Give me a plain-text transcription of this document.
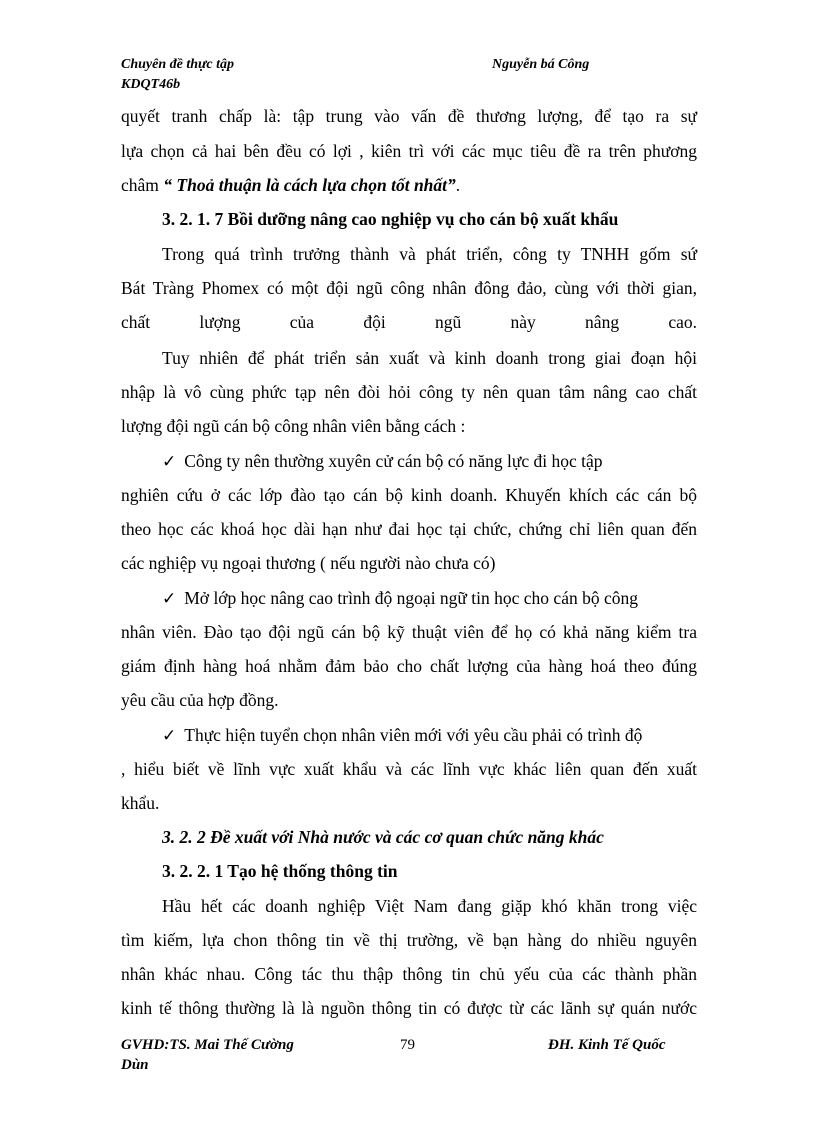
Chuyên đề thực tập
KDQT46b
Nguyễn bá Công
quyết tranh chấp là: tập trung vào vấn đề thương lượng, để tạo ra sự
lựa chọn cả hai bên đều có lợi , kiên trì với các mục tiêu đề ra trên phương
châm “ Thoả thuận là cách lựa chọn tốt nhất”.
3. 2. 1. 7 Bồi dưỡng nâng cao nghiệp vụ cho cán bộ xuất khẩu
Trong quá trình trưởng thành và phát triển, công ty TNHH gốm sứ
Bát Tràng Phomex có một đội ngũ công nhân đông đảo, cùng với thời gian,
chất lượng của đội ngũ này nâng cao.
Tuy nhiên để phát triển sản xuất và kinh doanh trong giai đoạn hội
nhập là vô cùng phức tạp nên đòi hỏi công ty nên quan tâm nâng cao chất
lượng đội ngũ cán bộ công nhân viên bằng cách :
✓ Công ty nên thường xuyên cử cán bộ có năng lực đi học tập
nghiên cứu ở các lớp đào tạo cán bộ kinh doanh. Khuyến khích các cán bộ
theo học các khoá học dài hạn như đai học tại chức, chứng chỉ liên quan đến
các nghiệp vụ ngoại thương ( nếu người nào chưa có)
✓ Mở lớp học nâng cao trình độ ngoại ngữ tin học cho cán bộ công
nhân viên. Đào tạo đội ngũ cán bộ kỹ thuật viên để họ có khả năng kiểm tra
giám định hàng hoá nhằm đảm bảo cho chất lượng của hàng hoá theo đúng
yêu cầu của hợp đồng.
✓ Thực hiện tuyển chọn nhân viên mới với yêu cầu phải có trình độ
, hiểu biết về lĩnh vực xuất khẩu và các lĩnh vực khác liên quan đến xuất
khẩu.
3. 2. 2 Đề xuất với Nhà nước và các cơ quan chức năng khác
3. 2. 2. 1 Tạo hệ thống thông tin
Hầu hết các doanh nghiệp Việt Nam đang giặp khó khăn trong việc
tìm kiếm, lựa chon thông tin về thị trường, về bạn hàng do nhiều nguyên
nhân khác nhau. Công tác thu thập thông tin chủ yếu của các thành phần
kinh tế thông thường là là nguồn thông tin có được từ các lãnh sự quán nước
GVHD:TS. Mai Thế Cường
Dùn
79	ĐH. Kinh Tế Quốc
